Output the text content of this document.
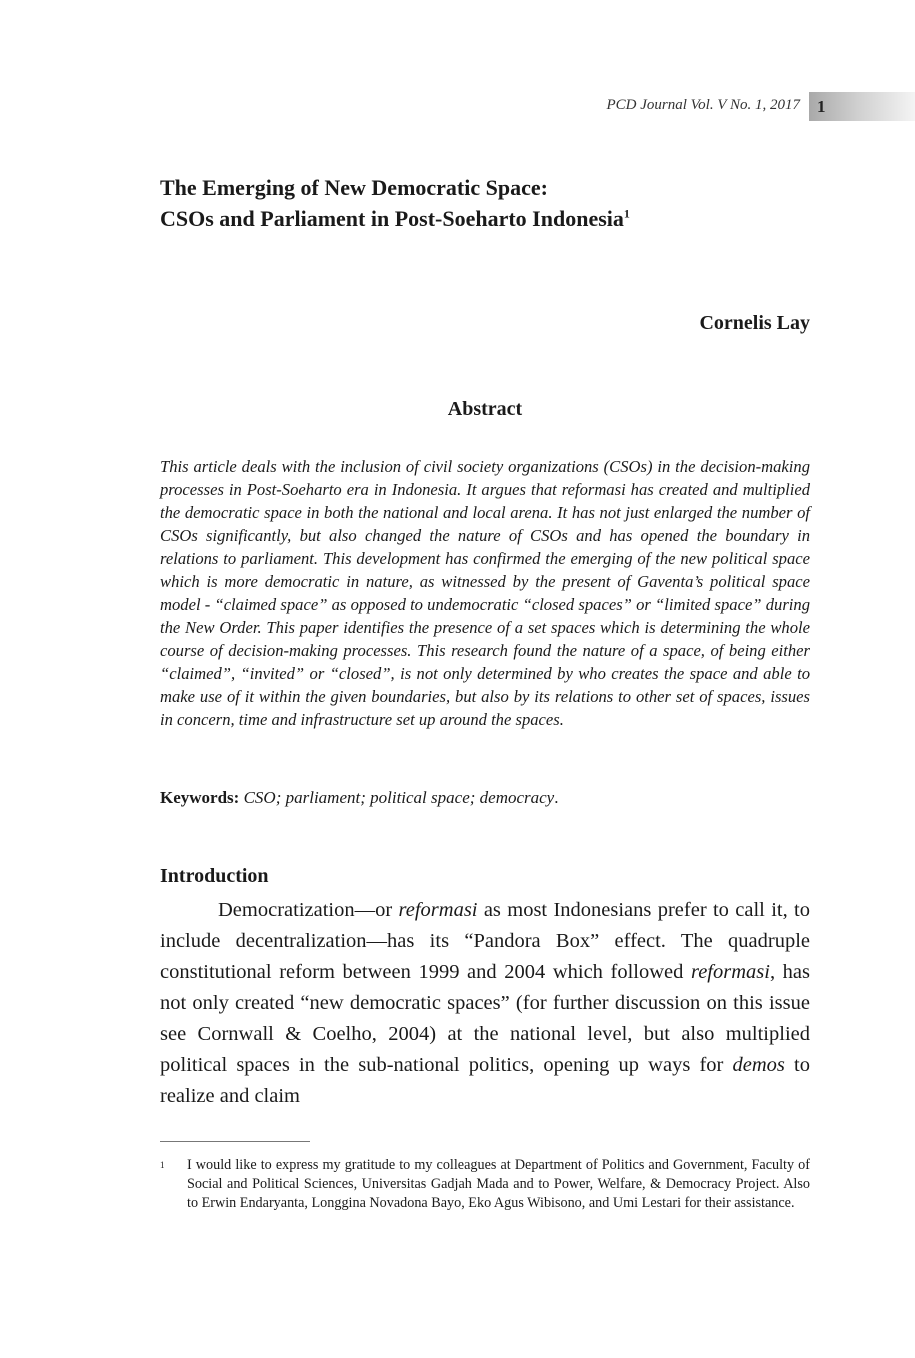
PCD Journal Vol. V No. 1, 2017 1
The Emerging of New Democratic Space:
CSOs and Parliament in Post-Soeharto Indonesia$^1$
Cornelis Lay
Abstract

This article deals with the inclusion of civil society organizations (CSOs) in the decision-making processes in Post-Soeharto era in Indonesia. It argues that reformasi has created and multiplied the democratic space in both the national and local arena. It has not just enlarged the number of CSOs significantly, but also changed the nature of CSOs and has opened the boundary in relations to parliament. This development has confirmed the emerging of the new political space which is more democratic in nature, as witnessed by the present of Gaventa’s political space model - “claimed space” as opposed to undemocratic “closed spaces” or “limited space” during the New Order. This paper identifies the presence of a set spaces which is determining the whole course of decision-making processes. This research found the nature of a space, of being either “claimed”, “invited” or “closed”, is not only determined by who creates the space and able to make use of it within the given boundaries, but also by its relations to other set of spaces, issues in concern, time and infrastructure set up around the spaces.

Keywords: CSO; parliament; political space; democracy.
Introduction

Democratization—or reformasi as most Indonesians prefer to call it, to include decentralization—has its “Pandora Box” effect. The quadruple constitutional reform between 1999 and 2004 which followed reformasi, has not only created “new democratic spaces” (for further discussion on this issue see Cornwall & Coelho, 2004) at the national level, but also multiplied political spaces in the sub-national politics, opening up ways for demos to realize and claim

1 I would like to express my gratitude to my colleagues at Department of Politics and Government, Faculty of Social and Political Sciences, Universitas Gadjah Mada and to Power, Welfare, & Democracy Project. Also to Erwin Endaryanta, Longgina Novadona Bayo, Eko Agus Wibisono, and Umi Lestari for their assistance.
